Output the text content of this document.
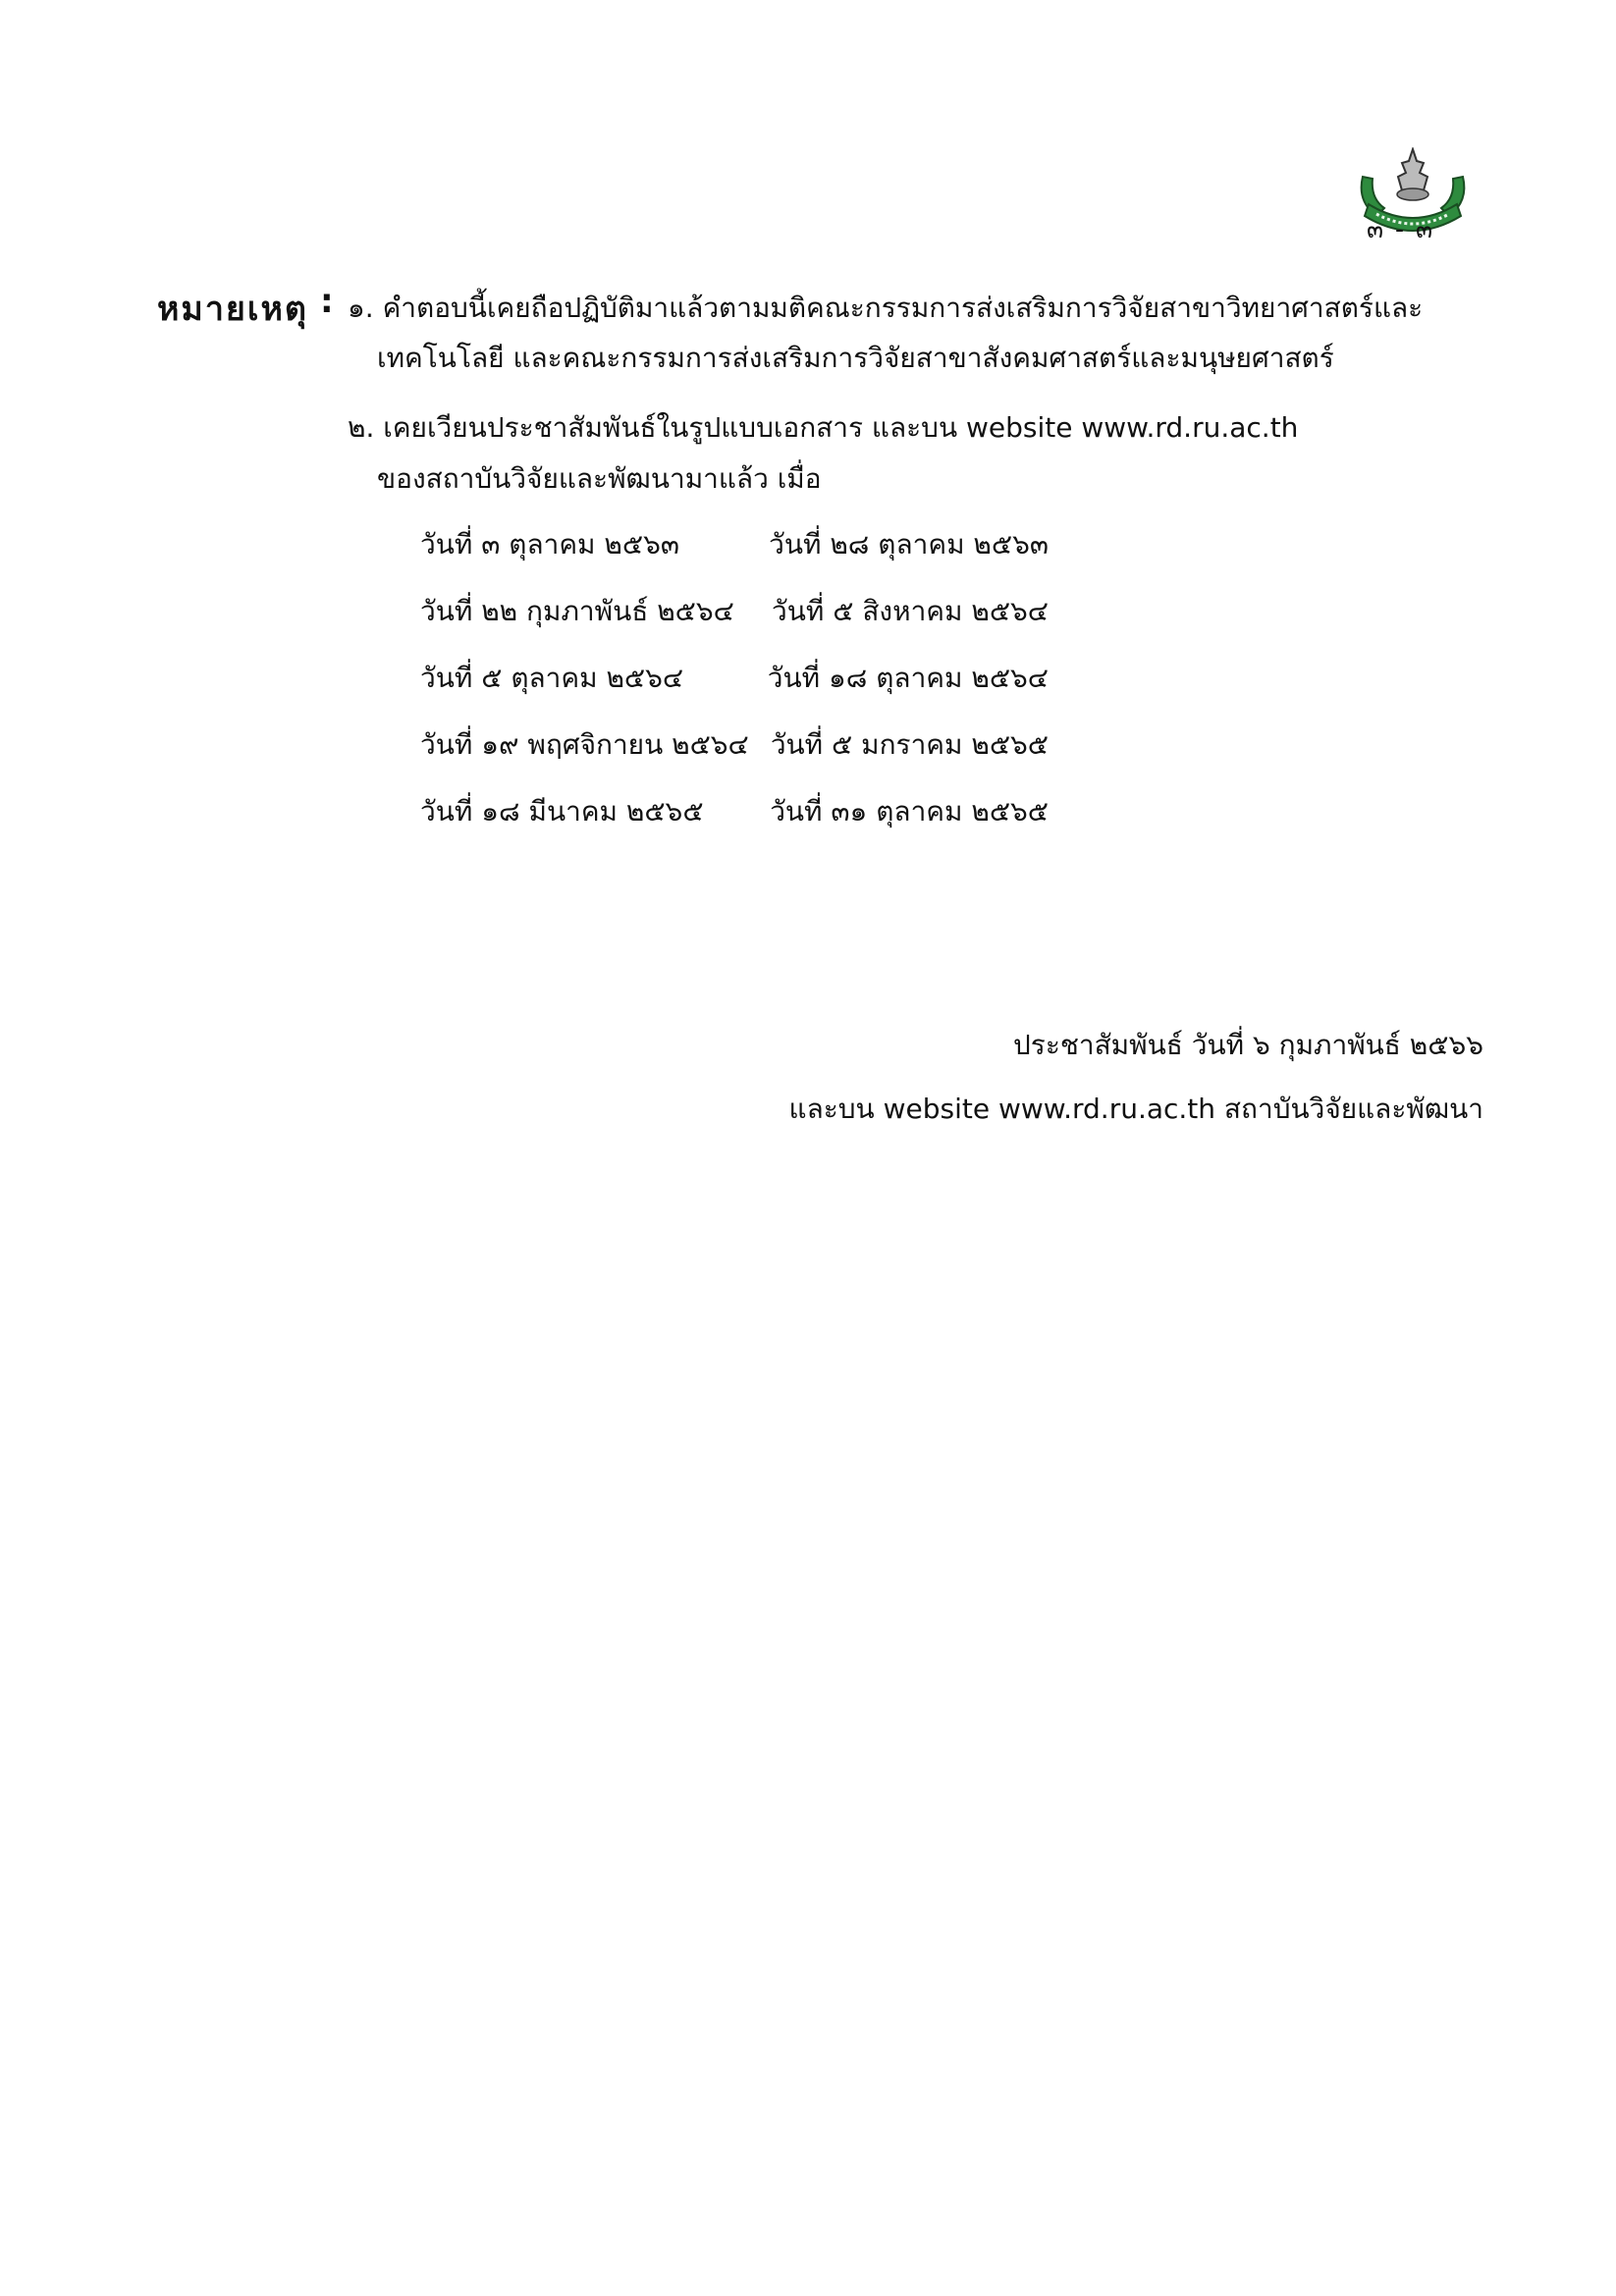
๓ - ๓
หมายเหตุ : ๑. คำตอบนี้เคยถือปฏิบัติมาแล้วตามมติคณะกรรมการส่งเสริมการวิจัยสาขาวิทยาศาสตร์และ
เทคโนโลยี และคณะกรรมการส่งเสริมการวิจัยสาขาสังคมศาสตร์และมนุษยศาสตร์
๒. เคยเวียนประชาสัมพันธ์ในรูปแบบเอกสาร และบน website www.rd.ru.ac.th
ของสถาบันวิจัยและพัฒนามาแล้ว เมื่อ
วันที่ ๓ ตุลาคม ๒๕๖๓	วันที่ ๒๘ ตุลาคม ๒๕๖๓
วันที่ ๒๒ กุมภาพันธ์ ๒๕๖๔	วันที่ ๕ สิงหาคม ๒๕๖๔
วันที่ ๕ ตุลาคม ๒๕๖๔	วันที่ ๑๘ ตุลาคม ๒๕๖๔
วันที่ ๑๙ พฤศจิกายน ๒๕๖๔ วันที่ ๕ มกราคม ๒๕๖๕
วันที่ ๑๘ มีนาคม ๒๕๖๕	วันที่ ๓๑ ตุลาคม ๒๕๖๕
ประชาสัมพันธ์ วันที่ ๖ กุมภาพันธ์ ๒๕๖๖
และบน website www.rd.ru.ac.th สถาบันวิจัยและพัฒนา
